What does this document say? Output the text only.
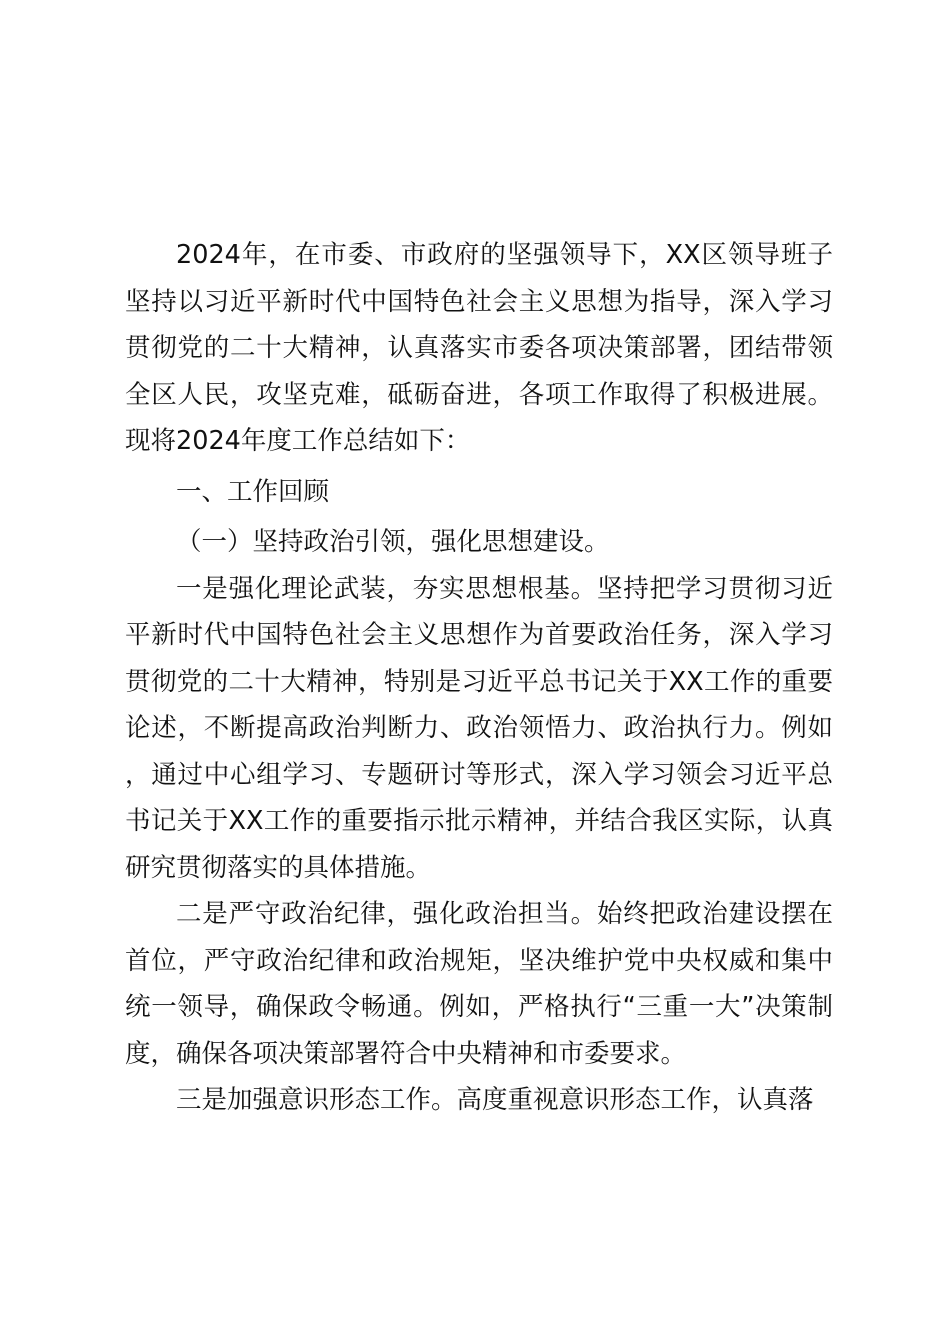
2024年，在市委、市政府的坚强领导下，XX区领导班子坚持以习近平新时代中国特色社会主义思想为指导，深入学习贯彻党的二十大精神，认真落实市委各项决策部署，团结带领全区人民，攻坚克难，砥砺奋进，各项工作取得了积极进展。现将2024年度工作总结如下：

一、工作回顾

（一）坚持政治引领，强化思想建设。

一是强化理论武装，夯实思想根基。坚持把学习贯彻习近平新时代中国特色社会主义思想作为首要政治任务，深入学习贯彻党的二十大精神，特别是习近平总书记关于XX工作的重要论述，不断提高政治判断力、政治领悟力、政治执行力。例如，通过中心组学习、专题研讨等形式，深入学习领会习近平总书记关于XX工作的重要指示批示精神，并结合我区实际，认真研究贯彻落实的具体措施。

二是严守政治纪律，强化政治担当。始终把政治建设摆在首位，严守政治纪律和政治规矩，坚决维护党中央权威和集中统一领导，确保政令畅通。例如，严格执行“三重一大”决策制度，确保各项决策部署符合中央精神和市委要求。

三是加强意识形态工作。高度重视意识形态工作，认真落
